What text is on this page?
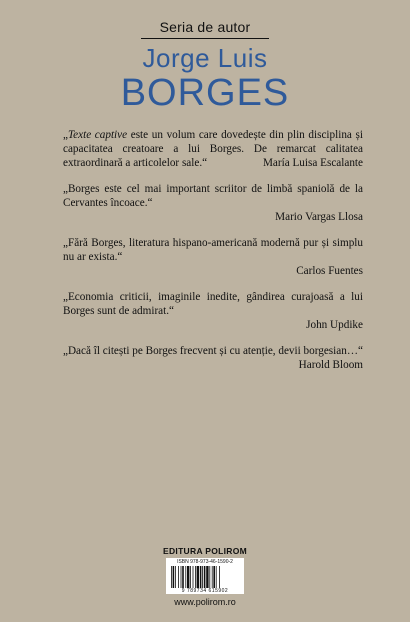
Seria de autor
Jorge Luis
BORGES
„Texte captive este un volum care dovedește din plin disciplina și capacitatea creatoare a lui Borges. De remarcat calitatea extraordinară a articolelor sale.“	María Luisa Escalante
„Borges este cel mai important scriitor de limbă spaniolă de la Cervantes încoace.“
Mario Vargas Llosa
„Fără Borges, literatura hispano-americană modernă pur și simplu nu ar exista.“
Carlos Fuentes
„Economia criticii, imaginile inedite, gândirea curajoasă a lui Borges sunt de admirat.“
John Updike
„Dacă îl citești pe Borges frecvent și cu atenție, devii borgesian…“
Harold Bloom
EDITURA POLIROM
ISBN 978-973-46-1590-2
9 789734 615902
www.polirom.ro
